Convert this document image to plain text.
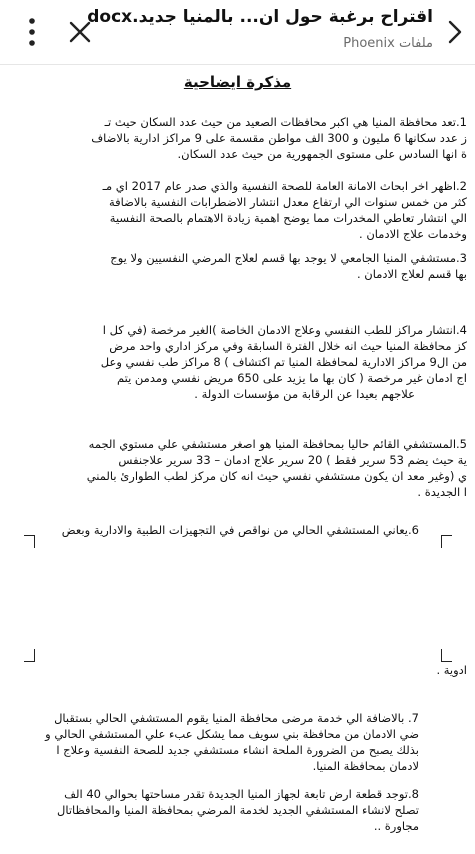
اقتراح برغبة حول ان... بالمنيا جديد.docx
ملفات Phoenix
مذكرة ايضاحية
1.تعد محافظة المنيا هي اكبر محافظات الصعيد من حيث عدد السكان حيث تـ
ز عدد سكانها 6 مليون و 300 الف مواطن مقسمة على 9 مراكز ادارية بالاضاف
ة انها السادس على مستوى الجمهورية من حيث عدد السكان.
2.اظهر اخر ابحاث الامانة العامة للصحة النفسية والذي صدر عام 2017 اي مـ
كثر من خمس سنوات الي ارتفاع معدل انتشار الاضطرابات النفسية بالاضافة
الي انتشار تعاطي المخدرات مما يوضح اهمية زيادة الاهتمام بالصحة النفسية
وخدمات علاج الادمان .
3.مستشفي المنيا الجامعي لا يوجد بها قسم لعلاج المرضي النفسيين ولا يوج
بها قسم لعلاج الادمان .
4.انتشار مراكز للطب النفسي وعلاج الادمان الخاصة )الغير مرخصة (في كل ا
كز محافظة المنيا حيث انه خلال الفترة السابقة وفي مركز اداري واحد مرض
من ال9 مراكز الادارية لمحافظة المنيا تم اكتشاف ) 8 مراكز طب نفسي وعل
اج ادمان غير مرخصة ( كان بها ما يزيد على 650 مريض نفسي ومدمن يتم
علاجهم بعيدا عن الرقابة من مؤسسات الدولة .
5.المستشفي القائم حاليا بمحافظة المنيا هو اصغر مستشفي علي مستوي الجمه
ية حيث يضم 53 سرير فقط ) 20 سرير علاج ادمان – 33 سرير علاجنفس
ي (وغير معد ان يكون مستشفي نفسي حيث انه كان مركز لطب الطوارئ بالمني
ا الجديدة .
6.يعاني المستشفي الحالي من نواقص في التجهيزات الطبية والادارية وبعض
ادوية .
7. بالاضافة الي خدمة مرضى محافظة المنيا يقوم المستشفي الحالي بستقبال
ضي الادمان من محافظة بني سويف مما يشكل عبء علي المستشفي الحالي و
بذلك يصبح من الضرورة الملحة انشاء مستشفي جديد للصحة النفسية وعلاج ا
لادمان بمحافظة المنيا.
8.توجد قطعة ارض تابعة لجهاز المنيا الجديدة تقدر مساحتها بحوالي 40 الف
تصلح لانشاء المستشفي الجديد لخدمة المرضي بمحافظة المنيا والمحافظاتال
مجاورة ..
